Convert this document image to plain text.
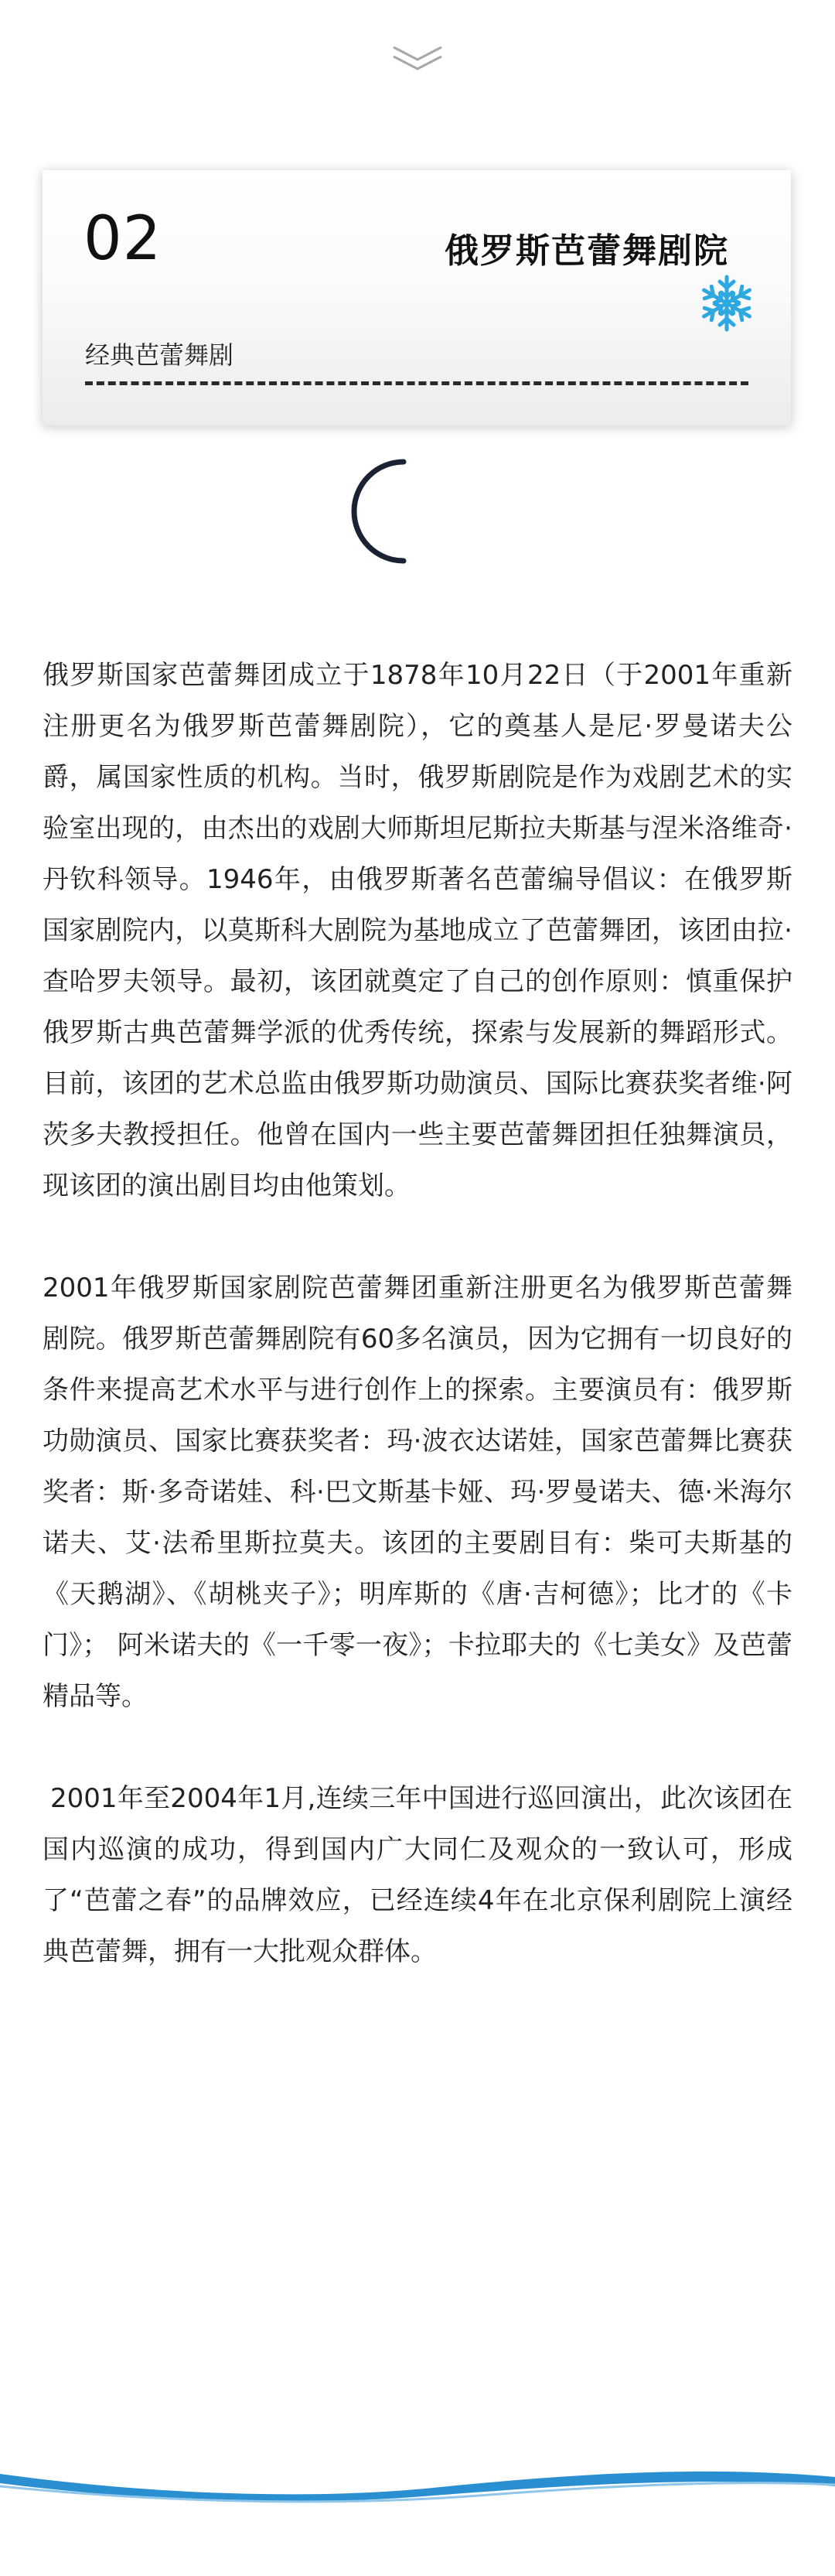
02	俄罗斯芭蕾舞剧院
经典芭蕾舞剧

俄罗斯国家芭蕾舞团成立于1878年10月22日（于2001年重新注册更名为俄罗斯芭蕾舞剧院），它的奠基人是尼·罗曼诺夫公爵，属国家性质的机构。当时，俄罗斯剧院是作为戏剧艺术的实验室出现的，由杰出的戏剧大师斯坦尼斯拉夫斯基与涅米洛维奇·丹钦科领导。1946年，由俄罗斯著名芭蕾编导倡议：在俄罗斯国家剧院内，以莫斯科大剧院为基地成立了芭蕾舞团，该团由拉·查哈罗夫领导。最初，该团就奠定了自己的创作原则：慎重保护俄罗斯古典芭蕾舞学派的优秀传统，探索与发展新的舞蹈形式。目前，该团的艺术总监由俄罗斯功勋演员、国际比赛获奖者维·阿茨多夫教授担任。他曾在国内一些主要芭蕾舞团担任独舞演员，现该团的演出剧目均由他策划。

2001年俄罗斯国家剧院芭蕾舞团重新注册更名为俄罗斯芭蕾舞剧院。俄罗斯芭蕾舞剧院有60多名演员，因为它拥有一切良好的条件来提高艺术水平与进行创作上的探索。主要演员有：俄罗斯功勋演员、国家比赛获奖者：玛·波衣达诺娃，国家芭蕾舞比赛获奖者：斯·多奇诺娃、科·巴文斯基卡娅、玛·罗曼诺夫、德·米海尔诺夫、艾·法希里斯拉莫夫。该团的主要剧目有：柴可夫斯基的《天鹅湖》、《胡桃夹子》；明库斯的《唐·吉柯德》；比才的《卡门》； 阿米诺夫的《一千零一夜》；卡拉耶夫的《七美女》及芭蕾精品等。

2001年至2004年1月,连续三年中国进行巡回演出，此次该团在国内巡演的成功，得到国内广大同仁及观众的一致认可，形成了“芭蕾之春”的品牌效应，已经连续4年在北京保利剧院上演经典芭蕾舞，拥有一大批观众群体。
